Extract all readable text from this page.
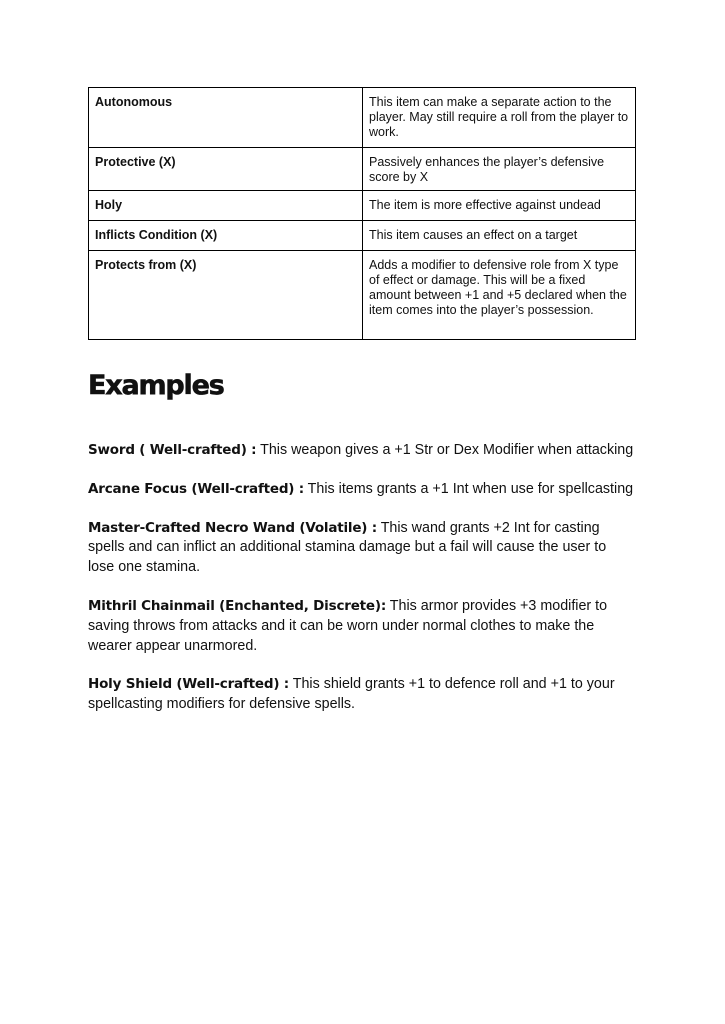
Autonomous	This item can make a separate action to the player. May still require a roll from the player to work.
Protective (X)	Passively enhances the player’s defensive score by X
Holy	The item is more effective against undead
Inflicts Condition (X)	This item causes an effect on a target
Protects from (X)	Adds a modifier to defensive role from X type of effect or damage. This will be a fixed amount between +1 and +5 declared when the item comes into the player’s possession.
Examples

Sword ( Well-crafted) : This weapon gives a +1 Str or Dex Modifier when attacking

Arcane Focus (Well-crafted) : This items grants a +1 Int when use for spellcasting

Master-Crafted Necro Wand (Volatile) : This wand grants +2 Int for casting spells and can inflict an additional stamina damage but a fail will cause the user to lose one stamina.

Mithril Chainmail (Enchanted, Discrete): This armor provides +3 modifier to saving throws from attacks and it can be worn under normal clothes to make the wearer appear unarmored.

Holy Shield (Well-crafted) : This shield grants +1 to defence roll and +1 to your spellcasting modifiers for defensive spells.
